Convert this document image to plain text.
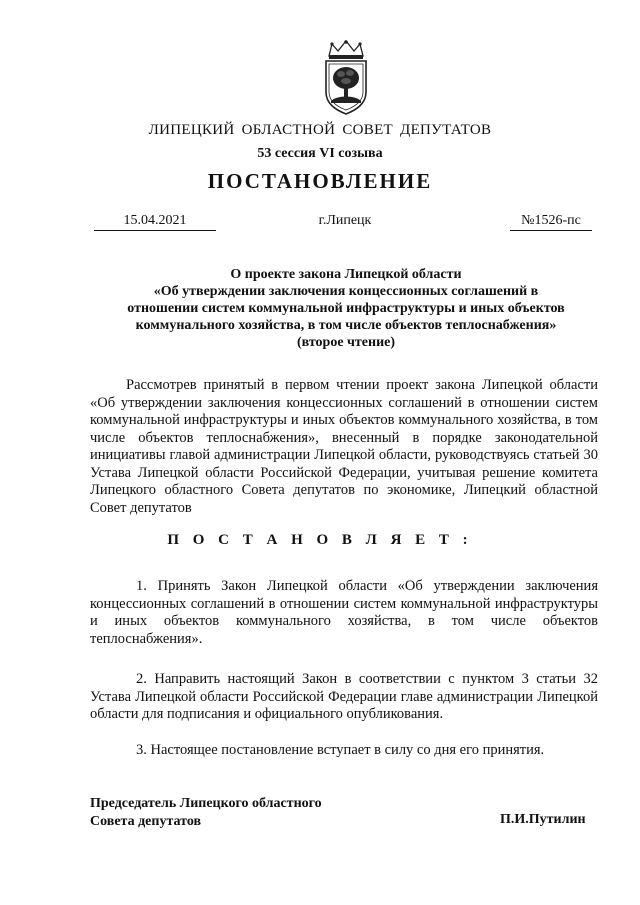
ЛИПЕЦКИЙ ОБЛАСТНОЙ СОВЕТ ДЕПУТАТОВ
53 сессия VI созыва
ПОСТАНОВЛЕНИЕ
15.04.2021	г.Липецк	№1526-пс
О проекте закона Липецкой области
«Об утверждении заключения концессионных соглашений в
отношении систем коммунальной инфраструктуры и иных объектов
коммунального хозяйства, в том числе объектов теплоснабжения»
(второе чтение)
Рассмотрев принятый в первом чтении проект закона Липецкой области «Об утверждении заключения концессионных соглашений в отношении систем коммунальной инфраструктуры и иных объектов коммунального хозяйства, в том числе объектов теплоснабжения», внесенный в порядке законодательной инициативы главой администрации Липецкой области, руководствуясь статьей 30 Устава Липецкой области Российской Федерации, учитывая решение комитета Липецкого областного Совета депутатов по экономике, Липецкий областной Совет депутатов
П О С Т А Н О В Л Я Е Т :
1. Принять Закон Липецкой области «Об утверждении заключения концессионных соглашений в отношении систем коммунальной инфраструктуры и иных объектов коммунального хозяйства, в том числе объектов теплоснабжения».
2. Направить настоящий Закон в соответствии с пунктом 3 статьи 32 Устава Липецкой области Российской Федерации главе администрации Липецкой области для подписания и официального опубликования.
3. Настоящее постановление вступает в силу со дня его принятия.
Председатель Липецкого областного
Совета депутатов	П.И.Путилин
